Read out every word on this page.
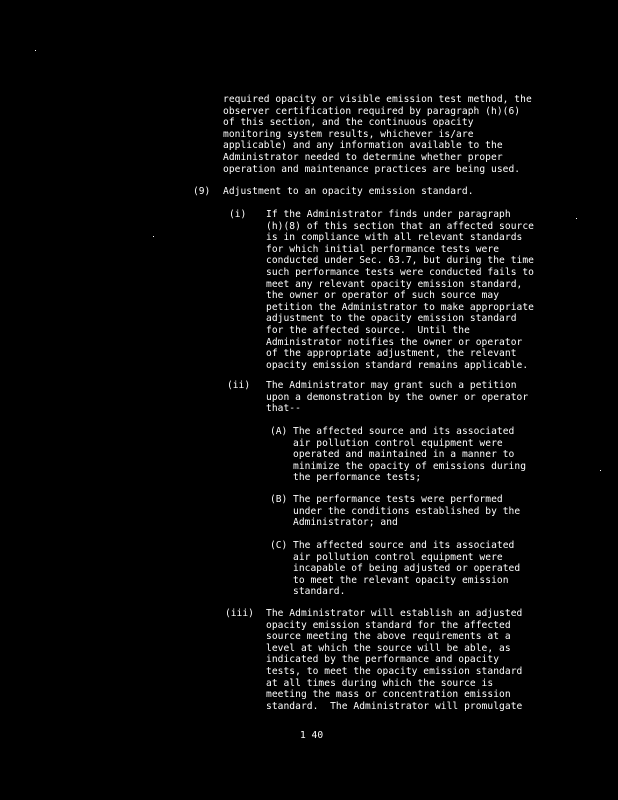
required opacity or visible emission test method, the
observer certification required by paragraph (h)(6)
of this section, and the continuous opacity
monitoring system results, whichever is/are
applicable) and any information available to the
Administrator needed to determine whether proper
operation and maintenance practices are being used.
(9) Adjustment to an opacity emission standard.
(i) If the Administrator finds under paragraph
(h)(8) of this section that an affected source
is in compliance with all relevant standards
for which initial performance tests were
conducted under Sec. 63.7, but during the time
such performance tests were conducted fails to
meet any relevant opacity emission standard,
the owner or operator of such source may
petition the Administrator to make appropriate
adjustment to the opacity emission standard
for the affected source.  Until the
Administrator notifies the owner or operator
of the appropriate adjustment, the relevant
opacity emission standard remains applicable.
(ii) The Administrator may grant such a petition
upon a demonstration by the owner or operator
that--
(A) The affected source and its associated
air pollution control equipment were
operated and maintained in a manner to
minimize the opacity of emissions during
the performance tests;
(B) The performance tests were performed
under the conditions established by the
Administrator; and
(C) The affected source and its associated
air pollution control equipment were
incapable of being adjusted or operated
to meet the relevant opacity emission
standard.
(iii) The Administrator will establish an adjusted
opacity emission standard for the affected
source meeting the above requirements at a
level at which the source will be able, as
indicated by the performance and opacity
tests, to meet the opacity emission standard
at all times during which the source is
meeting the mass or concentration emission
standard.  The Administrator will promulgate
1 40
